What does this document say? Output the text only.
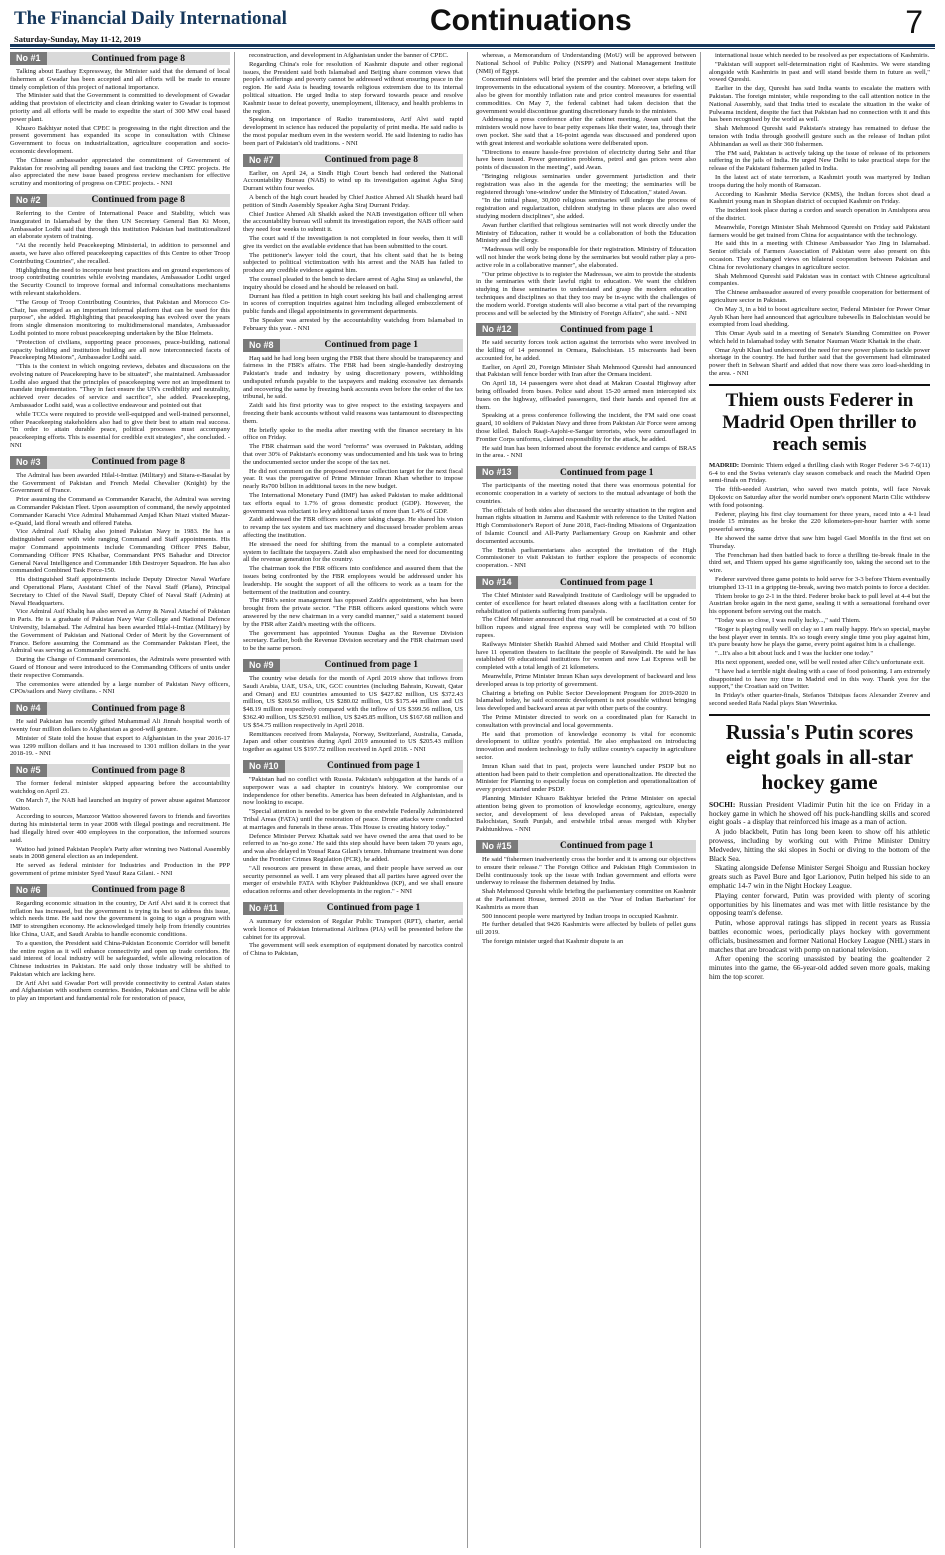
The Financial Daily International
Saturday-Sunday, May 11-12, 2019
Continuations	7
No #1	Continued from page 8

Talking about Easthay Expressway, the Minister said that the demand of local fishermen at Gwadar has been accepted and all efforts will be made to ensure timely completion of this project of national importance.

The Minister said that the Government is committed to development of Gwadar adding that provision of electricity and clean drinking water to Gwadar is topmost priority and all efforts will be made to expedite the start of 300 MW coal based power plant.

Khusro Bakhtyar noted that CPEC is progressing in the right direction and the present government has expanded its scope in consultation with Chinese Government to focus on industrialization, agriculture cooperation and socio-economic development.

The Chinese ambassador appreciated the commitment of Government of Pakistan for resolving all pending issues and fast tracking the CPEC projects. He also appreciated the new issue based progress review mechanism for effective scrutiny and monitoring of progress on CPEC projects. - NNI

No #2	Continued from page 8

Referring to the Centre of International Peace and Stability, which was inaugurated in Islamabad by the then UN Secretary General Ban Ki Moon, Ambassador Lodhi said that through this institution Pakistan had institutionalized an elaborate system of training.

"At the recently held Peacekeeping Ministerial, in addition to personnel and assets, we have also offered peacekeeping capacities of this Centre to other Troop Contributing Countries", she recalled.

Highlighting the need to incorporate best practices and on ground experiences of troop contributing countries while evolving mandates, Ambassador Lodhi urged the Security Council to improve formal and informal consultations mechanisms with relevant stakeholders.

"The Group of Troop Contributing Countries, that Pakistan and Morocco Co-Chair, has emerged as an important informal platform that can be used for this purpose", she added. Highlighting that peacekeeping has evolved over the years from single dimension monitoring to multidimensional mandates, Ambassador Lodhi pointed to more robust peacekeeping undertaken by the Blue Helmets.

"Protection of civilians, supporting peace processes, peace-building, national capacity building and institution building are all now interconnected facets of Peacekeeping Missions", Ambassador Lodhi said.

"This is the context in which ongoing reviews, debates and discussions on the evolving nature of Peacekeeping have to be situated", she maintained. Ambassador Lodhi also argued that the principles of peacekeeping were not an impediment to mandate implementation. "They in fact ensure the UN's credibility and neutrality, achieved over decades of service and sacrifice", she added. Peacekeeping, Ambassador Lodhi said, was a collective endeavour and pointed out that

while TCCs were required to provide well-equipped and well-trained personnel, other Peacekeeping stakeholders also had to give their best to attain real success. "In order to attain durable peace, political processes must accompany peacekeeping efforts. This is essential for credible exit strategies", she concluded. - NNI

No #3	Continued from page 8

The Admiral has been awarded Hilal-i-Imtiaz (Military) and Sitara-e-Basalat by the Government of Pakistan and French Medal Chevalier (Knight) by the Government of France.

Prior assuming the Command as Commander Karachi, the Admiral was serving as Commander Pakistan Fleet. Upon assumption of command, the newly appointed Commander Karachi Vice Admiral Muhammad Amjad Khan Niazi visited Mazar-e-Quaid, laid floral wreath and offered Fateha.

Vice Admiral Asif Khaliq also joined Pakistan Navy in 1983. He has a distinguished career with wide ranging Command and Staff appointments. His major Command appointments include Commanding Officer PNS Babur, Commanding Officer PNS Khaibar, Commandant PNS Bahadur and Director General Naval Intelligence and Commander 18th Destroyer Squadron. He has also commanded Combined Task Force-150.

His distinguished Staff appointments include Deputy Director Naval Warfare and Operational Plans, Assistant Chief of the Naval Staff (Plans), Principal Secretary to Chief of the Naval Staff, Deputy Chief of Naval Staff (Admin) at Naval Headquarters.

Vice Admiral Asif Khaliq has also served as Army & Naval Attaché of Pakistan in Paris. He is a graduate of Pakistan Navy War College and National Defence University, Islamabad. The Admiral has been awarded Hilal-i-Imtiaz (Military) by the Government of Pakistan and National Order of Merit by the Government of France. Before assuming the Command as the Commander Pakistan Fleet, the Admiral was serving as Commander Karachi.

During the Change of Command ceremonies, the Admirals were presented with Guard of Honour and were introduced to the Commanding Officers of units under their respective Commands.

The ceremonies were attended by a large number of Pakistan Navy officers, CPOs/sailors and Navy civilians. - NNI

No #4	Continued from page 8

He said Pakistan has recently gifted Muhammad Ali Jinnah hospital worth of twenty four million dollars to Afghanistan as good-will gesture.

Minister of State told the house that export to Afghanistan in the year 2016-17 was 1299 million dollars and it has increased to 1301 million dollars in the year 2018-19. - NNI

No #5	Continued from page 8

The former federal minister skipped appearing before the accountability watchdog on April 23.

On March 7, the NAB had launched an inquiry of power abuse against Manzoor Wattoo.

According to sources, Manzoor Wattoo showered favors to friends and favorites during his ministerial term in year 2008 with illegal postings and recruitment. He had illegally hired over 400 employees in the corporation, the informed sources said.

Wattoo had joined Pakistan People's Party after winning two National Assembly seats in 2008 general election as an independent.

He served as federal minister for Industries and Production in the PPP government of prime minister Syed Yusuf Raza Gilani. - NNI

No #6	Continued from page 8

Regarding economic situation in the country, Dr Arif Alvi said it is correct that inflation has increased, but the government is trying its best to address this issue, which needs time. He said now the government is going to sign a program with IMF to strengthen economy. He acknowledged timely help from friendly countries like China, UAE, and Saudi Arabia to handle economic conditions.

To a question, the President said China-Pakistan Economic Corridor will benefit the entire region as it will enhance connectivity and open up trade corridors. He said interest of local industry will be safeguarded, while allowing relocation of Chinese industries in Pakistan. He said only those industry will be shifted to Pakistan which are lacking here.

Dr Arif Alvi said Gwadar Port will provide connectivity to central Asian states and Afghanistan with southern countries. Besides, Pakistan and China will be able to play an important and fundamental role for restoration of peace,

reconstruction, and development in Afghanistan under the banner of CPEC.

Regarding China's role for resolution of Kashmir dispute and other regional issues, the President said both Islamabad and Beijing share common views that people's sufferings and poverty cannot be addressed without ensuring peace in the region. He said Asia is heading towards religious extremism due to its internal political situation. He urged India to step forward towards peace and resolve Kashmir issue to defeat poverty, unemployment, illiteracy, and health problems in the region.

Speaking on importance of Radio transmissions, Arif Alvi said rapid development in science has reduced the popularity of print media. He said radio is the most popular medium even in the western world. He said listening to radio has been part of Pakistan's old traditions. - NNI

No #7	Continued from page 8

Earlier, on April 24, a Sindh High Court bench had ordered the National Accountability Bureau (NAB) to wind up its investigation against Agha Siraj Durrani within four weeks.

A bench of the high court headed by Chief Justice Ahmed Ali Shaikh heard bail petition of Sindh Assembly Speaker Agha Siraj Durrani Friday.

Chief Justice Ahmed Ali Shaikh asked the NAB investigation officer till when the accountability bureau will submit its investigation report, the NAB officer said they need four weeks to submit it.

The court said if the investigation is not completed in four weeks, then it will give its verdict on the available evidence that has been submitted to the court.

The petitioner's lawyer told the court, that his client said that he is being subjected to political victimization with his arrest and the NAB has failed to produce any credible evidence against him.

The counsel pleaded to the bench to declare arrest of Agha Siraj as unlawful, the inquiry should be closed and he should be released on bail.

Durrani has filed a petition in high court seeking his bail and challenging arrest in scores of corruption inquiries against him including alleged embezzlement of public funds and illegal appointments in government departments.

The Speaker was arrested by the accountability watchdog from Islamabad in February this year. - NNI

No #8	Continued from page 1

Haq said he had long been urging the FBR that there should be transparency and fairness in the FBR's affairs. The FBR had been single-handedly destroying Pakistan's trade and industry by using discretionary powers, withholding undisputed refunds payable to the taxpayers and making excessive tax demands and recovering the same by freezing bank accounts even before the order of the tax tribunal, he said.

Zaidi said his first priority was to give respect to the existing taxpayers and freezing their bank accounts without valid reasons was tantamount to disrespecting them.

He briefly spoke to the media after meeting with the finance secretary in his office on Friday.

The FBR chairman said the word "reforms" was overused in Pakistan, adding that over 30% of Pakistan's economy was undocumented and his task was to bring the undocumented sector under the scope of the tax net.

He did not comment on the proposed revenue collection target for the next fiscal year. It was the prerogative of Prime Minister Imran Khan whether to impose nearly Rs700 billion in additional taxes in the new budget.

The International Monetary Fund (IMF) has asked Pakistan to make additional tax efforts equal to 1.7% of gross domestic product (GDP). However, the government was reluctant to levy additional taxes of more than 1.4% of GDP.

Zaidi addressed the FBR officers soon after taking charge. He shared his vision to revamp the tax system and tax machinery and discussed broader problem areas affecting the institution.

He stressed the need for shifting from the manual to a complete automated system to facilitate the taxpayers. Zaidi also emphasised the need for documenting all the revenue generation for the country.

The chairman took the FBR officers into confidence and assured them that the issues being confronted by the FBR employees would be addressed under his leadership. He sought the support of all the officers to work as a team for the betterment of the institution and country.

The FBR's senior management has opposed Zaidi's appointment, who has been brought from the private sector. "The FBR officers asked questions which were answered by the new chairman in a very candid manner," said a statement issued by the FBR after Zaidi's meeting with the officers.

The government has appointed Younus Dagha as the Revenue Division secretary. Earlier, both the Revenue Division secretary and the FBR chairman used to be the same person.

No #9	Continued from page 1

The country wise details for the month of April 2019 show that inflows from Saudi Arabia, UAE, USA, UK, GCC countries (including Bahrain, Kuwait, Qatar and Oman) and EU countries amounted to US $427.82 million, US $372.43 million, US $269.56 million, US $280.02 million, US $175.44 million and US $48.19 million respectively compared with the inflow of US $399.56 million, US $362.40 million, US $250.91 million, US $245.85 million, US $167.68 million and US $54.75 million respectively in April 2018.

Remittances received from Malaysia, Norway, Switzerland, Australia, Canada, Japan and other countries during April 2019 amounted to US $205.43 million together as against US $197.72 million received in April 2018. - NNI

No #10	Continued from page 1

"Pakistan had no conflict with Russia. Pakistan's subjugation at the hands of a superpower was a sad chapter in country's history. We compromise our independence for other benefits. America has been defeated in Afghanistan, and is now looking to escape.

"Special attention is needed to be given to the erstwhile Federally Administered Tribal Areas (FATA) until the restoration of peace. Drone attacks were conducted at marriages and funerals in these areas. This House is creating history today."

Defence Minister Pervez Khattak said we have owned the area that used to be referred to as 'no-go zone.' He said this step should have been taken 70 years ago, and was also delayed in Yousaf Raza Gilani's tenure. Inhumane treatment was done under the Frontier Crimes Regulation (FCR), he added.

"All resources are present in these areas, and their people have served as our security personnel as well. I am very pleased that all parties have agreed over the merger of erstwhile FATA with Khyber Pakhtunkhwa (KP), and we shall ensure education reforms and other developments in the region." - NNI

No #11	Continued from page 1

A summary for extension of Regular Public Transport (RPT), charter, aerial work licence of Pakistan International Airlines (PIA) will be presented before the cabinet for its approval.

The government will seek exemption of equipment donated by narcotics control of China to Pakistan,

whereas, a Memorandum of Understanding (MoU) will be approved between National School of Public Policy (NSPP) and National Management Institute (NMI) of Egypt.

Concerned ministers will brief the premier and the cabinet over steps taken for improvements in the educational system of the country. Moreover, a briefing will also be given for monthly inflation rate and price control measures for essential commodities. On May 7, the federal cabinet had taken decision that the government would discontinue granting discretionary funds to the ministers.

Addressing a press conference after the cabinet meeting, Awan said that the ministers would now have to bear petty expenses like their water, tea, through their own pocket. She said that a 16-point agenda was discussed and pondered upon with great interest and workable solutions were deliberated upon.

"Directions to ensure hassle-free provision of electricity during Sehr and Iftar have been issued. Power generation problems, petrol and gas prices were also points of discussion in the meeting", said Awan.

"Bringing religious seminaries under government jurisdiction and their registration was also in the agenda for the meeting; the seminaries will be registered through 'one-window' under the Ministry of Education," stated Awan.

"In the initial phase, 30,000 religious seminaries will undergo the process of registration and regularization, children studying in these places are also owed studying modern disciplines", she added.

Awan further clarified that religious seminaries will not work directly under the Ministry of Education, rather it would be a collaboration of both the Education Ministry and the clergy.

"Madressas will only be responsible for their registration. Ministry of Education will not hinder the work being done by the seminaries but would rather play a pro-active role in a collaborative manner", she elaborated.

"Our prime objective is to register the Madressas, we aim to provide the students in the seminaries with their lawful right to education. We want the children studying in these seminaries to understand and grasp the modern education techniques and disciplines so that they too may be in-sync with the challenges of the modern world. Foreign students will also become a vital part of the revamping process and will be selected by the Ministry of Foreign Affairs", she said. - NNI

No #12	Continued from page 1

He said security forces took action against the terrorists who were involved in the killing of 14 personnel in Ormara, Balochistan. 15 miscreants had been accounted for, he added.

Earlier, on April 20, Foreign Minister Shah Mehmood Qureshi had announced that Pakistan will fence border with Iran after the Ormara incident.

On April 18, 14 passengers were shot dead at Makran Coastal Highway after being offloaded from buses. Police said about 15-20 armed men intercepted six buses on the highway, offloaded passengers, tied their hands and opened fire at them.

Speaking at a press conference following the incident, the FM said one coast guard, 10 soldiers of Pakistan Navy and three from Pakistan Air Force were among those killed. Baloch Raaji-Aajohi-e-Sangar terrorists, who were camouflaged in Frontier Corps uniforms, claimed responsibility for the attack, he added.

He said Iran has been informed about the forensic evidence and camps of BRAS in the area. - NNI

No #13	Continued from page 1

The participants of the meeting noted that there was enormous potential for economic cooperation in a variety of sectors to the mutual advantage of both the countries.

The officials of both sides also discussed the security situation in the region and human rights situation in Jammu and Kashmir with reference to the United Nation High Commissioner's Report of June 2018, Fact-finding Missions of Organization of Islamic Council and All-Party Parliamentary Group on Kashmir and other documented accounts.

The British parliamentarians also accepted the invitation of the High Commissioner to visit Pakistan to further explore the prospects of economic cooperation. - NNI

No #14	Continued from page 1

The Chief Minister said Rawalpindi Institute of Cardiology will be upgraded to center of excellence for heart related diseases along with a facilitation center for rehabilitation of patients suffering from paralysis.

The Chief Minister announced that ring road will be constructed at a cost of 50 billion rupees and signal free express way will be completed with 70 billion rupees.

Railways Minister Sheikh Rashid Ahmed said Mother and Child Hospital will have 11 operation theaters to facilitate the people of Rawalpindi. He said he has established 69 educational institutions for women and now Lai Express will be completed with a total length of 21 kilometers.

Meanwhile, Prime Minister Imran Khan says development of backward and less developed areas is top priority of government.

Chairing a briefing on Public Sector Development Program for 2019-2020 in Islamabad today, he said economic development is not possible without bringing less developed and backward areas at par with other parts of the country.

The Prime Minister directed to work on a coordinated plan for Karachi in consultation with provincial and local governments.

He said that promotion of knowledge economy is vital for economic development to utilize youth's potential. He also emphasized on introducing innovation and modern technology to fully utilize country's capacity in agriculture sector.

Imran Khan said that in past, projects were launched under PSDP but no attention had been paid to their completion and operationalization. He directed the Minister for Planning to especially focus on completion and operationalization of every project started under PSDP.

Planning Minister Khusro Bakhtyar briefed the Prime Minister on special attention being given to promotion of knowledge economy, agriculture, energy sector, and development of less developed areas of Pakistan, especially Balochistan, South Punjab, and erstwhile tribal areas merged with Khyber Pakhtunkhwa. - NNI

No #15	Continued from page 1

He said "fishermen inadvertently cross the border and it is among our objectives to ensure their release." The Foreign Office and Pakistan High Commission in Delhi continuously took up the issue with Indian government and efforts were underway to release the fishermen detained by India.

Shah Mehmood Qureshi while briefing the parliamentary committee on Kashmir at the Parliament House, termed 2018 as the 'Year of Indian Barbarism' for Kashmiris as more than

500 innocent people were martyred by Indian troops in occupied Kashmir.

He further detailed that 9426 Kashmiris were affected by bullets of pellet guns till 2019.

The foreign minister urged that Kashmir dispute is an

international issue which needed to be resolved as per expectations of Kashmiris.

"Pakistan will support self-determination right of Kashmirs. We were standing alongside with Kashmiris in past and will stand beside them in future as well," vowed Qureshi.

Earlier in the day, Qureshi has said India wants to escalate the matters with Pakistan. The foreign minister, while responding to the call attention notice in the National Assembly, said that India tried to escalate the situation in the wake of Pulwama incident, despite the fact that Pakistan had no connection with it and this has been recognised by the world as well.

Shah Mehmood Qureshi said Pakistan's strategy has remained to defuse the tension with India through goodwill gesture such as the release of Indian pilot Abhinandan as well as their 360 fishermen.

The FM said, Pakistan is actively taking up the issue of release of its prisoners suffering in the jails of India. He urged New Delhi to take practical steps for the release of the Pakistani fishermen jailed in India.

In the latest act of state terrorism, a Kashmiri youth was martyred by Indian troops during the holy month of Ramazan.

According to Kashmir Media Service (KMS), the Indian forces shot dead a Kashmiri young man in Shopian district of occupied Kashmir on Friday.

The incident took place during a cordon and search operation in Amishpora area of the district.

Meanwhile, Foreign Minister Shah Mehmood Qureshi on Friday said Pakistani farmers would be get trained from China for acquaintance with the technology.

He said this in a meeting with Chinese Ambassador Yao Jing in Islamabad. Senior officials of Farmers Association of Pakistan were also present on this occasion. They exchanged views on bilateral cooperation between Pakistan and China for revolutionary changes in agriculture sector.

Shah Mehmood Qureshi said Pakistan was in contact with Chinese agricultural companies.

The Chinese ambassador assured of every possible cooperation for betterment of agriculture sector in Pakistan.

On May 3, in a bid to boost agriculture sector, Federal Minister for Power Omar Ayub Khan here had announced that agriculture tubewells in Balochistan would be exempted from load shedding.

This Omar Ayub said in a meeting of Senate's Standing Committee on Power which held in Islamabad today with Senator Nauman Wazir Khattak in the chair.

Omar Ayub Khan had underscored the need for new power plants to tackle power shortage in the country. He had further said that the government had eliminated power theft in Sehwan Sharif and added that now there was zero load-shedding in the area. - NNI

Thiem ousts Federer in Madrid Open thriller to reach semis

MADRID: Dominic Thiem edged a thrilling clash with Roger Federer 3-6 7-6(11) 6-4 to end the Swiss veteran's clay season comeback and reach the Madrid Open semi-finals on Friday.

The fifth-seeded Austrian, who saved two match points, will face Novak Djokovic on Saturday after the world number one's opponent Marin Cilic withdrew with food poisoning.

Federer, playing his first clay tournament for three years, raced into a 4-1 lead inside 15 minutes as he broke the 220 kilometers-per-hour barrier with some powerful serving.

He showed the same drive that saw him bagel Gael Monfils in the first set on Thursday.

The Frenchman had then battled back to force a thrilling tie-break finale in the third set, and Thiem upped his game significantly too, taking the second set to the wire.

Federer survived three game points to hold serve for 3-3 before Thiem eventually triumphed 13-11 in a gripping tie-break, saving two match points to force a decider.

Thiem broke to go 2-1 in the third. Federer broke back to pull level at 4-4 but the Austrian broke again in the next game, sealing it with a sensational forehand over his opponent before serving out the match.

"Today was so close, I was really lucky...," said Thiem.

"Roger is playing really well on clay so I am really happy. He's so special, maybe the best player ever in tennis. It's so tough every single time you play against him, it's pure beauty how he plays the game, every point against him is a challenge.

"...It's also a bit about luck and I was the luckier one today."

His next opponent, seeded one, will be well rested after Cilic's unfortunate exit.

"I have had a terrible night dealing with a case of food poisoning. I am extremely disappointed to have my time in Madrid end in this way. Thank you for the support," the Croatian said on Twitter.

In Friday's other quarter-finals, Stefanos Tsitsipas faces Alexander Zverev and second seeded Rafa Nadal plays Stan Wawrinka.

Russia's Putin scores eight goals in all-star hockey game

SOCHI: Russian President Vladimir Putin hit the ice on Friday in a hockey game in which he showed off his puck-handling skills and scored eight goals - a display that reinforced his image as a man of action.

A judo blackbelt, Putin has long been keen to show off his athletic prowess, including by working out with Prime Minister Dmitry Medvedev, hitting the ski slopes in Sochi or diving to the bottom of the Black Sea.

Skating alongside Defense Minister Sergei Shoigu and Russian hockey greats such as Pavel Bure and Igor Larionov, Putin helped his side to an emphatic 14-7 win in the Night Hockey League.

Playing center forward, Putin was provided with plenty of scoring opportunities by his linemates and was met with little resistance by the opposing team's defense.

Putin, whose approval ratings has slipped in recent years as Russia battles economic woes, periodically plays hockey with government officials, businessmen and former National Hockey League (NHL) stars in matches that are broadcast with pomp on national television.

After opening the scoring unassisted by beating the goaltender 2 minutes into the game, the 66-year-old added seven more goals, making him the top scorer.
